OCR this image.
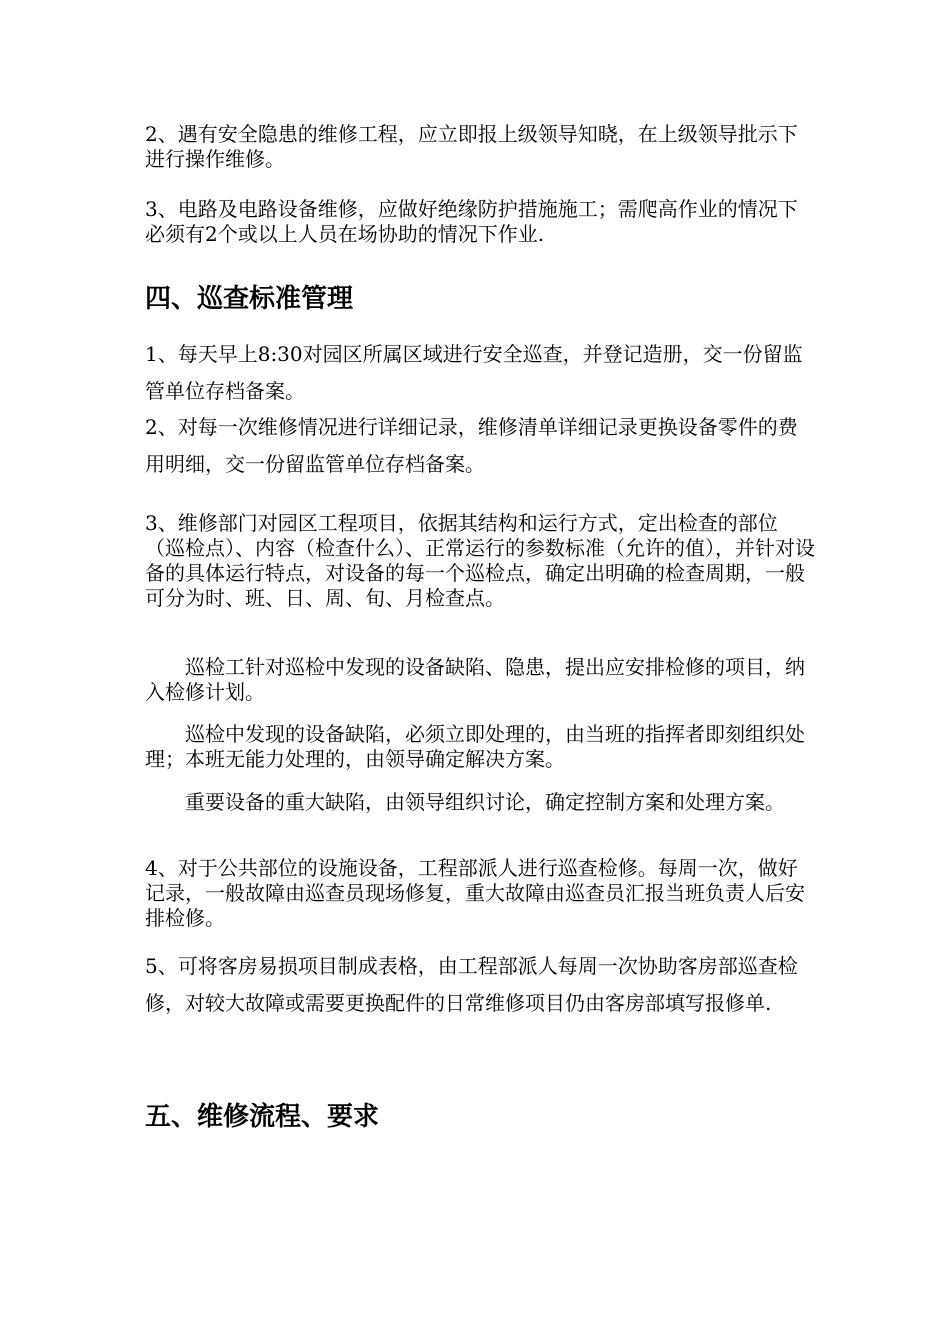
2、遇有安全隐患的维修工程，应立即报上级领导知晓，在上级领导批示下进行操作维修。

3、电路及电路设备维修，应做好绝缘防护措施施工；需爬高作业的情况下必须有2个或以上人员在场协助的情况下作业.

四、巡查标准管理

1、每天早上8:30对园区所属区域进行安全巡查，并登记造册，交一份留监管单位存档备案。

2、对每一次维修情况进行详细记录，维修清单详细记录更换设备零件的费用明细，交一份留监管单位存档备案。

3、维修部门对园区工程项目，依据其结构和运行方式，定出检查的部位（巡检点）、内容（检查什么）、正常运行的参数标准（允许的值），并针对设备的具体运行特点，对设备的每一个巡检点，确定出明确的检查周期，一般可分为时、班、日、周、旬、月检查点。

巡检工针对巡检中发现的设备缺陷、隐患，提出应安排检修的项目，纳入检修计划。

巡检中发现的设备缺陷，必须立即处理的，由当班的指挥者即刻组织处理；本班无能力处理的，由领导确定解决方案。

重要设备的重大缺陷，由领导组织讨论，确定控制方案和处理方案。

4、对于公共部位的设施设备，工程部派人进行巡查检修。每周一次，做好记录，一般故障由巡查员现场修复，重大故障由巡查员汇报当班负责人后安排检修。

5、可将客房易损项目制成表格，由工程部派人每周一次协助客房部巡查检修，对较大故障或需要更换配件的日常维修项目仍由客房部填写报修单.

五、维修流程、要求
